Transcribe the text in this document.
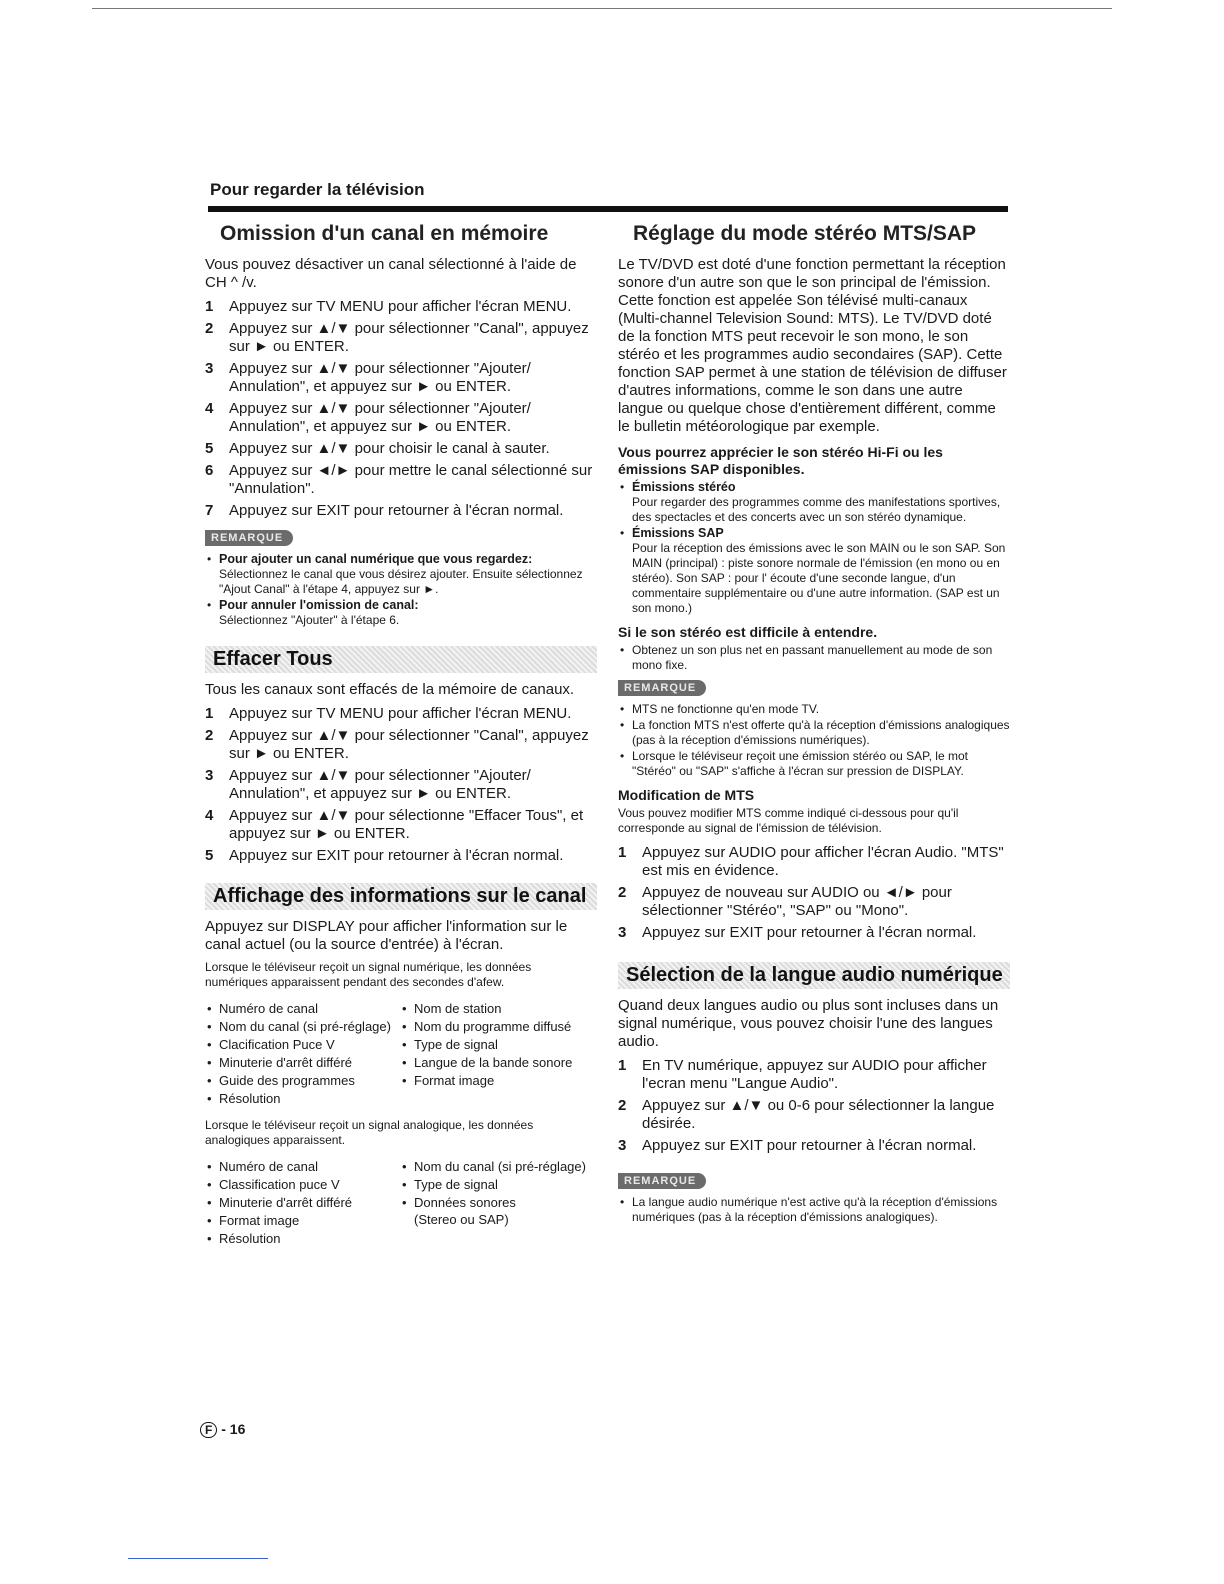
Pour regarder la télévision
Omission d'un canal en mémoire

Vous pouvez désactiver un canal sélectionné à l'aide de CH ^ /v.

1	Appuyez sur TV MENU pour afficher l'écran MENU.
2	Appuyez sur ▲/▼ pour sélectionner "Canal", appuyez sur ► ou ENTER.
3	Appuyez sur ▲/▼ pour sélectionner "Ajouter/ Annulation", et appuyez sur ► ou ENTER.
4	Appuyez sur ▲/▼ pour sélectionner "Ajouter/ Annulation", et appuyez sur ► ou ENTER.
5	Appuyez sur ▲/▼ pour choisir le canal à sauter.
6	Appuyez sur ◄/► pour mettre le canal sélectionné sur "Annulation".
7	Appuyez sur EXIT pour retourner à l'écran normal.
REMARQUE
• Pour ajouter un canal numérique que vous regardez:
Sélectionnez le canal que vous désirez ajouter. Ensuite sélectionnez "Ajout Canal" à l'étape 4, appuyez sur ►.
• Pour annuler l'omission de canal:
Sélectionnez "Ajouter" à l'étape 6.
Effacer Tous

Tous les canaux sont effacés de la mémoire de canaux.

1	Appuyez sur TV MENU pour afficher l'écran MENU.
2	Appuyez sur ▲/▼ pour sélectionner "Canal", appuyez sur ► ou ENTER.
3	Appuyez sur ▲/▼ pour sélectionner "Ajouter/ Annulation", et appuyez sur ► ou ENTER.
4	Appuyez sur ▲/▼ pour sélectionne "Effacer Tous", et appuyez sur ► ou ENTER.
5	Appuyez sur EXIT pour retourner à l'écran normal.
Affichage des informations sur le canal

Appuyez sur DISPLAY pour afficher l'information sur le canal actuel (ou la source d'entrée) à l'écran.

Lorsque le téléviseur reçoit un signal numérique, les données numériques apparaissent pendant des secondes d'afew.

• Numéro de canal
• Nom du canal (si pré-réglage)
• Clacification Puce V
• Minuterie d'arrêt différé
• Guide des programmes
• Résolution
• Nom de station
• Nom du programme diffusé
• Type de signal
• Langue de la bande sonore
• Format image

Lorsque le téléviseur reçoit un signal analogique, les données analogiques apparaissent.

• Numéro de canal
• Classification puce V
• Minuterie d'arrêt différé
• Format image
• Résolution
• Nom du canal (si pré-réglage)
• Type de signal
• Données sonores
(Stereo ou SAP)
Réglage du mode stéréo MTS/SAP

Le TV/DVD est doté d'une fonction permettant la réception sonore d'un autre son que le son principal de l'émission. Cette fonction est appelée Son télévisé multi-canaux (Multi-channel Television Sound: MTS). Le TV/DVD doté de la fonction MTS peut recevoir le son mono, le son stéréo et les programmes audio secondaires (SAP). Cette fonction SAP permet à une station de télévision de diffuser d'autres informations, comme le son dans une autre langue ou quelque chose d'entièrement différent, comme le bulletin météorologique par exemple.

Vous pourrez apprécier le son stéréo Hi-Fi ou les émissions SAP disponibles.

• Émissions stéréo
Pour regarder des programmes comme des manifestations sportives, des spectacles et des concerts avec un son stéréo dynamique.
• Émissions SAP
Pour la réception des émissions avec le son MAIN ou le son SAP. Son MAIN (principal) : piste sonore normale de l'émission (en mono ou en stéréo). Son SAP : pour l' écoute d'une seconde langue, d'un commentaire supplémentaire ou d'une autre information. (SAP est un son mono.)

Si le son stéréo est difficile à entendre.

• Obtenez un son plus net en passant manuellement au mode de son mono fixe.
REMARQUE
• MTS ne fonctionne qu'en mode TV.
• La fonction MTS n'est offerte qu'à la réception d'émissions analogiques (pas à la réception d'émissions numériques).
• Lorsque le téléviseur reçoit une émission stéréo ou SAP, le mot "Stéréo" ou "SAP" s'affiche à l'écran sur pression de DISPLAY.

Modification de MTS

Vous pouvez modifier MTS comme indiqué ci-dessous pour qu'il corresponde au signal de l'émission de télévision.

1	Appuyez sur AUDIO pour afficher l'écran Audio. "MTS" est mis en évidence.
2	Appuyez de nouveau sur AUDIO ou ◄/► pour sélectionner "Stéréo", "SAP" ou "Mono".
3	Appuyez sur EXIT pour retourner à l'écran normal.
Sélection de la langue audio numérique

Quand deux langues audio ou plus sont incluses dans un signal numérique, vous pouvez choisir l'une des langues audio.

1	En TV numérique, appuyez sur AUDIO pour afficher l'ecran menu "Langue Audio".
2	Appuyez sur ▲/▼ ou 0-6 pour sélectionner la langue désirée.
3	Appuyez sur EXIT pour retourner à l'écran normal.
REMARQUE
• La langue audio numérique n'est active qu'à la réception d'émissions numériques (pas à la réception d'émissions analogiques).
F - 16
